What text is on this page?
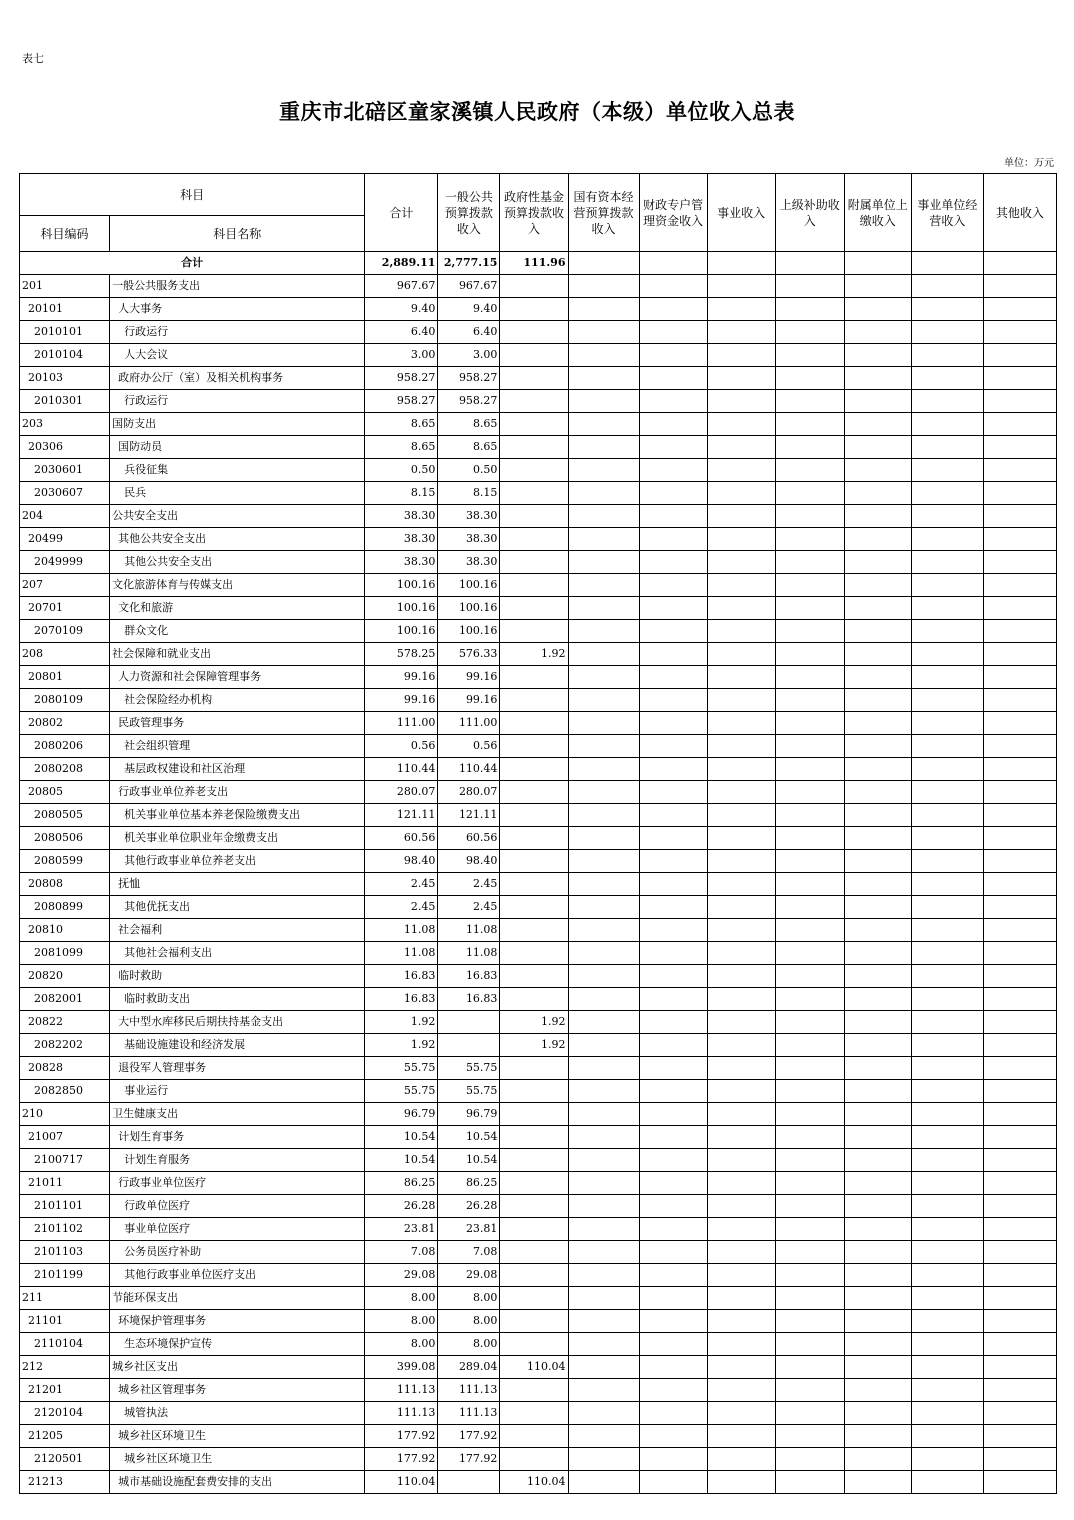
表七
重庆市北碚区童家溪镇人民政府（本级）单位收入总表
单位：万元
科目		合计	一般公共预算拨款收入	政府性基金预算拨款收入	国有资本经营预算拨款收入	财政专户管理资金收入	事业收入	上级补助收入	附属单位上缴收入	事业单位经营收入	其他收入
科目编码	科目名称										
合计		2,889.11	2,777.15	111.96							
201	一般公共服务支出	967.67	967.67								
20101	人大事务	9.40	9.40								
2010101	行政运行	6.40	6.40								
2010104	人大会议	3.00	3.00								
20103	政府办公厅（室）及相关机构事务	958.27	958.27								
2010301	行政运行	958.27	958.27								
203	国防支出	8.65	8.65								
20306	国防动员	8.65	8.65								
2030601	兵役征集	0.50	0.50								
2030607	民兵	8.15	8.15								
204	公共安全支出	38.30	38.30								
20499	其他公共安全支出	38.30	38.30								
2049999	其他公共安全支出	38.30	38.30								
207	文化旅游体育与传媒支出	100.16	100.16								
20701	文化和旅游	100.16	100.16								
2070109	群众文化	100.16	100.16								
208	社会保障和就业支出	578.25	576.33	1.92							
20801	人力资源和社会保障管理事务	99.16	99.16								
2080109	社会保险经办机构	99.16	99.16								
20802	民政管理事务	111.00	111.00								
2080206	社会组织管理	0.56	0.56								
2080208	基层政权建设和社区治理	110.44	110.44								
20805	行政事业单位养老支出	280.07	280.07								
2080505	机关事业单位基本养老保险缴费支出	121.11	121.11								
2080506	机关事业单位职业年金缴费支出	60.56	60.56								
2080599	其他行政事业单位养老支出	98.40	98.40								
20808	抚恤	2.45	2.45								
2080899	其他优抚支出	2.45	2.45								
20810	社会福利	11.08	11.08								
2081099	其他社会福利支出	11.08	11.08								
20820	临时救助	16.83	16.83								
2082001	临时救助支出	16.83	16.83								
20822	大中型水库移民后期扶持基金支出	1.92		1.92							
2082202	基础设施建设和经济发展	1.92		1.92							
20828	退役军人管理事务	55.75	55.75								
2082850	事业运行	55.75	55.75								
210	卫生健康支出	96.79	96.79								
21007	计划生育事务	10.54	10.54								
2100717	计划生育服务	10.54	10.54								
21011	行政事业单位医疗	86.25	86.25								
2101101	行政单位医疗	26.28	26.28								
2101102	事业单位医疗	23.81	23.81								
2101103	公务员医疗补助	7.08	7.08								
2101199	其他行政事业单位医疗支出	29.08	29.08								
211	节能环保支出	8.00	8.00								
21101	环境保护管理事务	8.00	8.00								
2110104	生态环境保护宣传	8.00	8.00								
212	城乡社区支出	399.08	289.04	110.04							
21201	城乡社区管理事务	111.13	111.13								
2120104	城管执法	111.13	111.13								
21205	城乡社区环境卫生	177.92	177.92								
2120501	城乡社区环境卫生	177.92	177.92								
21213	城市基础设施配套费安排的支出	110.04		110.04							
